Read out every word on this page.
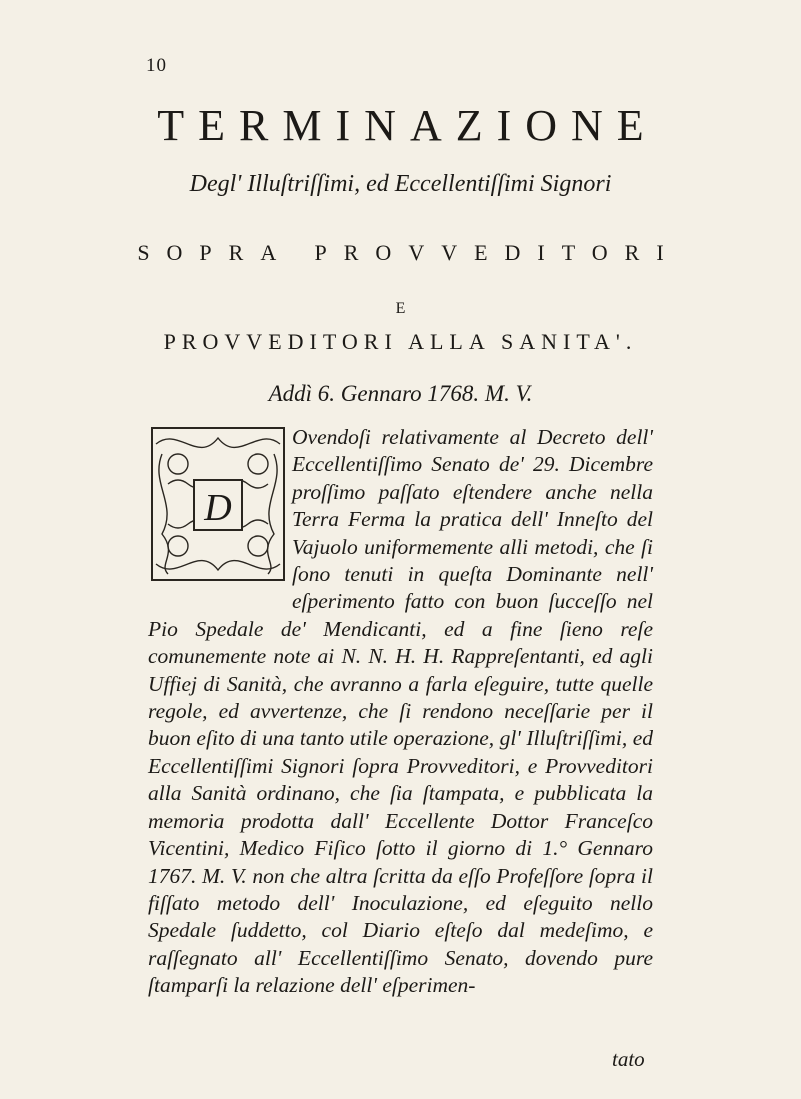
10
TERMINAZIONE
Degl' Illuſtriſſimi, ed Eccellentiſſimi Signori
SOPRA PROVVEDITORI
E
PROVVEDITORI ALLA SANITA'.
Addì 6. Gennaro 1768. M. V.
D
Ovendoſi relativamente al Decreto dell' Eccellentiſſimo Senato de' 29. Dicembre proſſimo paſſato eſtendere anche nella Terra Ferma la pratica dell' Inneſto del Vajuolo uniformemente alli metodi, che ſi ſono tenuti in queſta Dominante nell' eſperimento fatto con buon ſucceſſo nel Pio Spedale de' Mendicanti, ed a fine ſieno reſe comunemente note ai N. N. H. H. Rappreſentanti, ed agli Uffiej di Sanità, che avranno a farla eſeguire, tutte quelle regole, ed avvertenze, che ſi rendono neceſſarie per il buon eſito di una tanto utile operazione, gl' Illuſtriſſimi, ed Eccellentiſſimi Signori ſopra Provveditori, e Provveditori alla Sanità ordinano, che ſia ſtampata, e pubblicata la memoria prodotta dall' Eccellente Dottor Franceſco Vicentini, Medico Fiſico ſotto il giorno di 1.° Gennaro 1767. M. V. non che altra ſcritta da eſſo Profeſſore ſopra il fiſſato metodo dell' Inoculazione, ed eſeguito nello Spedale ſuddetto, col Diario eſteſo dal medeſimo, e raſſegnato all' Eccellentiſſimo Senato, dovendo pure ſtamparſi la relazione dell' eſperimen-
tato
